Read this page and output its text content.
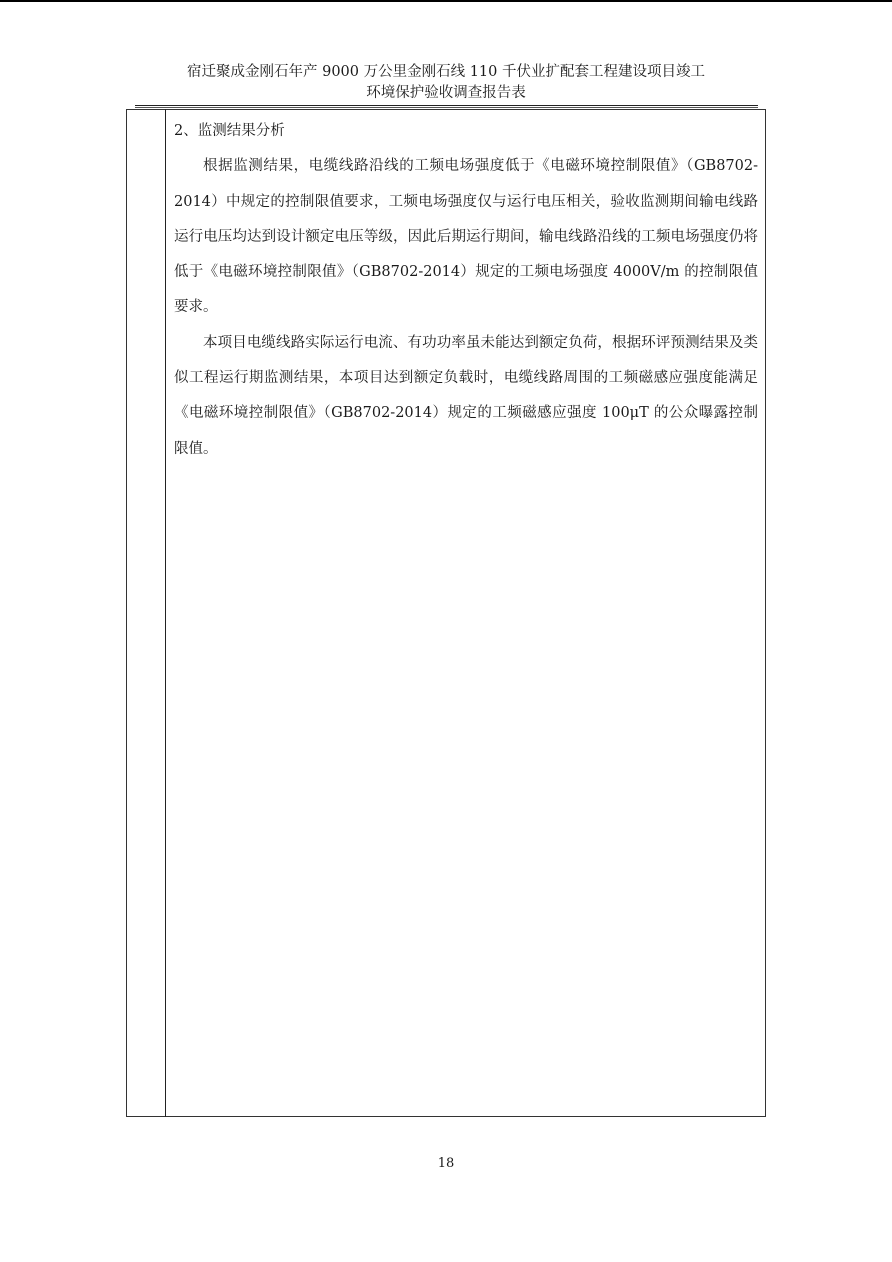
宿迁聚成金刚石年产 9000 万公里金刚石线 110 千伏业扩配套工程建设项目竣工
环境保护验收调查报告表

2、监测结果分析

根据监测结果，电缆线路沿线的工频电场强度低于《电磁环境控制限值》（GB8702-2014）中规定的控制限值要求，工频电场强度仅与运行电压相关，验收监测期间输电线路运行电压均达到设计额定电压等级，因此后期运行期间，输电线路沿线的工频电场强度仍将低于《电磁环境控制限值》（GB8702-2014）规定的工频电场强度 4000V/m 的控制限值要求。

本项目电缆线路实际运行电流、有功功率虽未能达到额定负荷，根据环评预测结果及类似工程运行期监测结果，本项目达到额定负载时，电缆线路周围的工频磁感应强度能满足《电磁环境控制限值》（GB8702-2014）规定的工频磁感应强度 100μT 的公众曝露控制限值。

18
